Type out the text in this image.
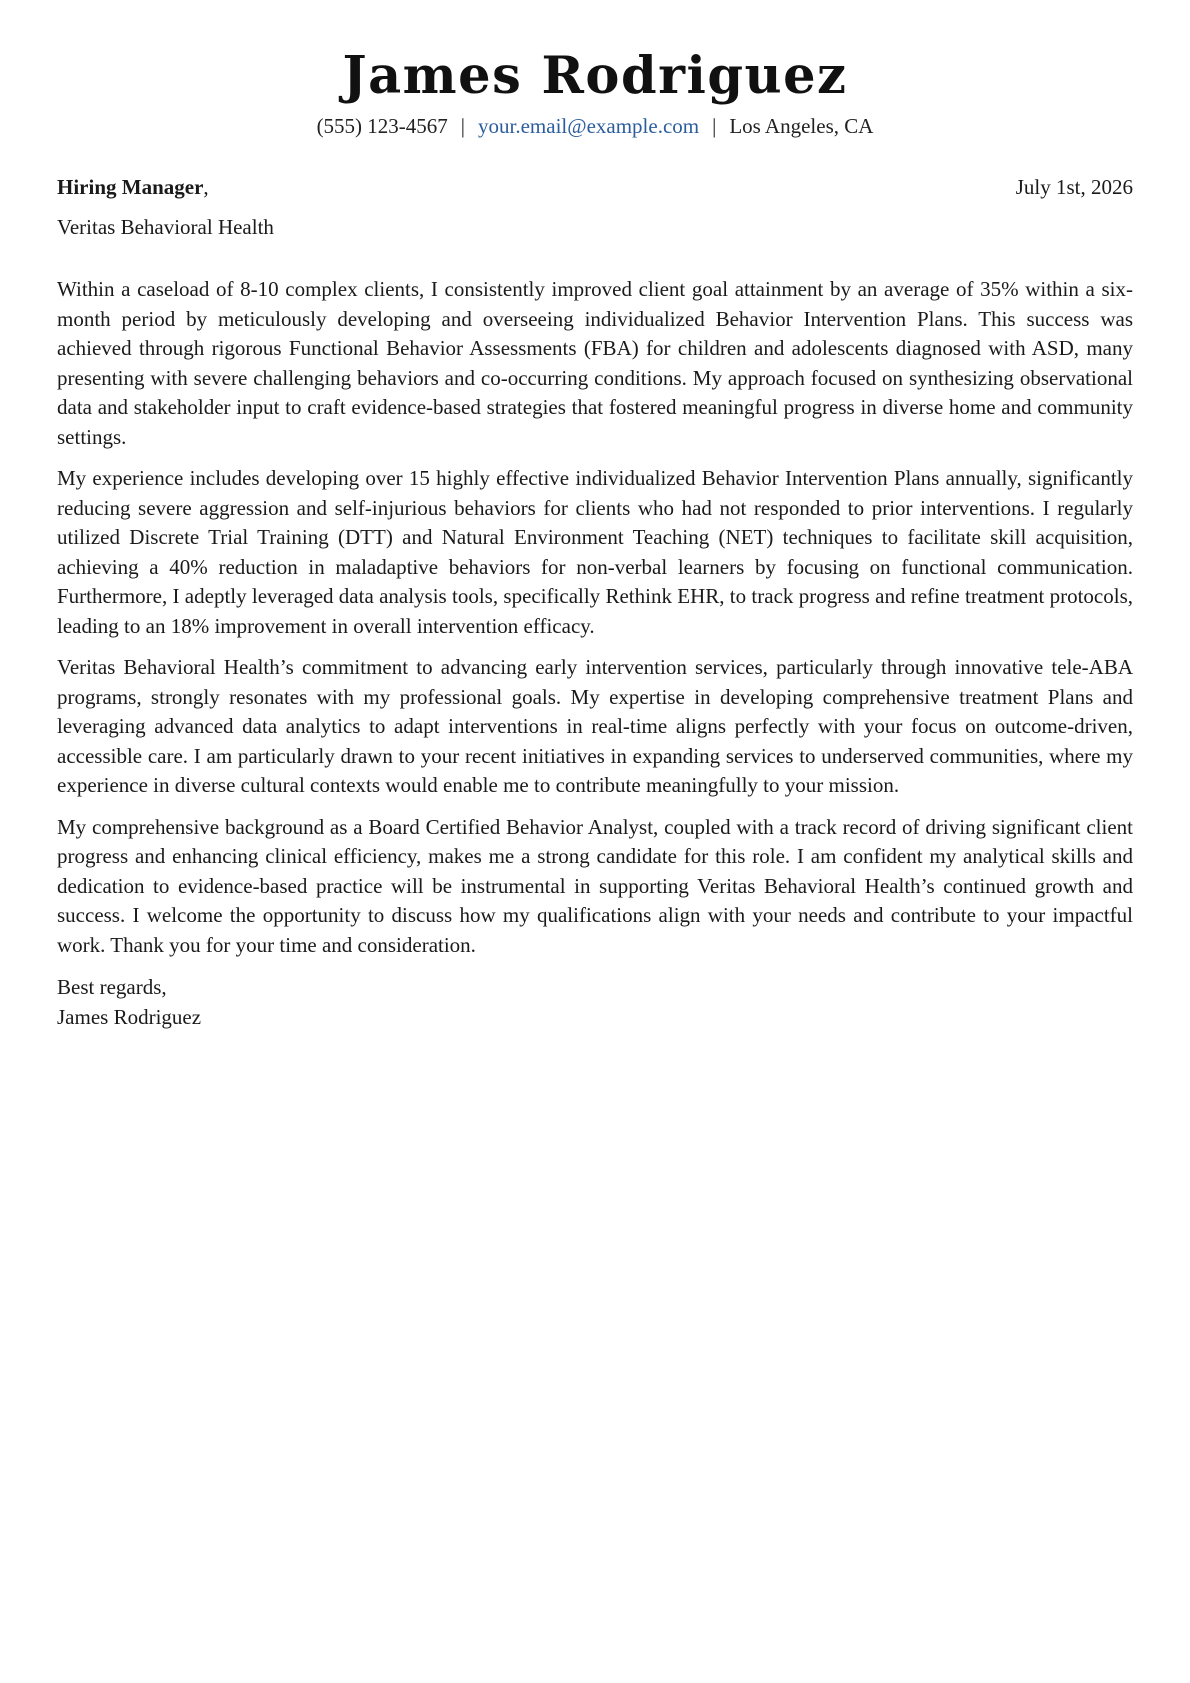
James Rodriguez
(555) 123-4567 | your.email@example.com | Los Angeles, CA
Hiring Manager,	July 1st, 2026
Veritas Behavioral Health

Within a caseload of 8-10 complex clients, I consistently improved client goal attainment by an average of 35% within a six-month period by meticulously developing and overseeing individualized Behavior Intervention Plans. This success was achieved through rigorous Functional Behavior Assessments (FBA) for children and adolescents diagnosed with ASD, many presenting with severe challenging behaviors and co-occurring conditions. My approach focused on synthesizing observational data and stakeholder input to craft evidence-based strategies that fostered meaningful progress in diverse home and community settings.

My experience includes developing over 15 highly effective individualized Behavior Intervention Plans annually, significantly reducing severe aggression and self-injurious behaviors for clients who had not responded to prior interventions. I regularly utilized Discrete Trial Training (DTT) and Natural Environment Teaching (NET) techniques to facilitate skill acquisition, achieving a 40% reduction in maladaptive behaviors for non-verbal learners by focusing on functional communication. Furthermore, I adeptly leveraged data analysis tools, specifically Rethink EHR, to track progress and refine treatment protocols, leading to an 18% improvement in overall intervention efficacy.

Veritas Behavioral Health’s commitment to advancing early intervention services, particularly through innovative tele-ABA programs, strongly resonates with my professional goals. My expertise in developing comprehensive treatment Plans and leveraging advanced data analytics to adapt interventions in real-time aligns perfectly with your focus on outcome-driven, accessible care. I am particularly drawn to your recent initiatives in expanding services to underserved communities, where my experience in diverse cultural contexts would enable me to contribute meaningfully to your mission.

My comprehensive background as a Board Certified Behavior Analyst, coupled with a track record of driving significant client progress and enhancing clinical efficiency, makes me a strong candidate for this role. I am confident my analytical skills and dedication to evidence-based practice will be instrumental in supporting Veritas Behavioral Health’s continued growth and success. I welcome the opportunity to discuss how my qualifications align with your needs and contribute to your impactful work. Thank you for your time and consideration.

Best regards,
James Rodriguez
